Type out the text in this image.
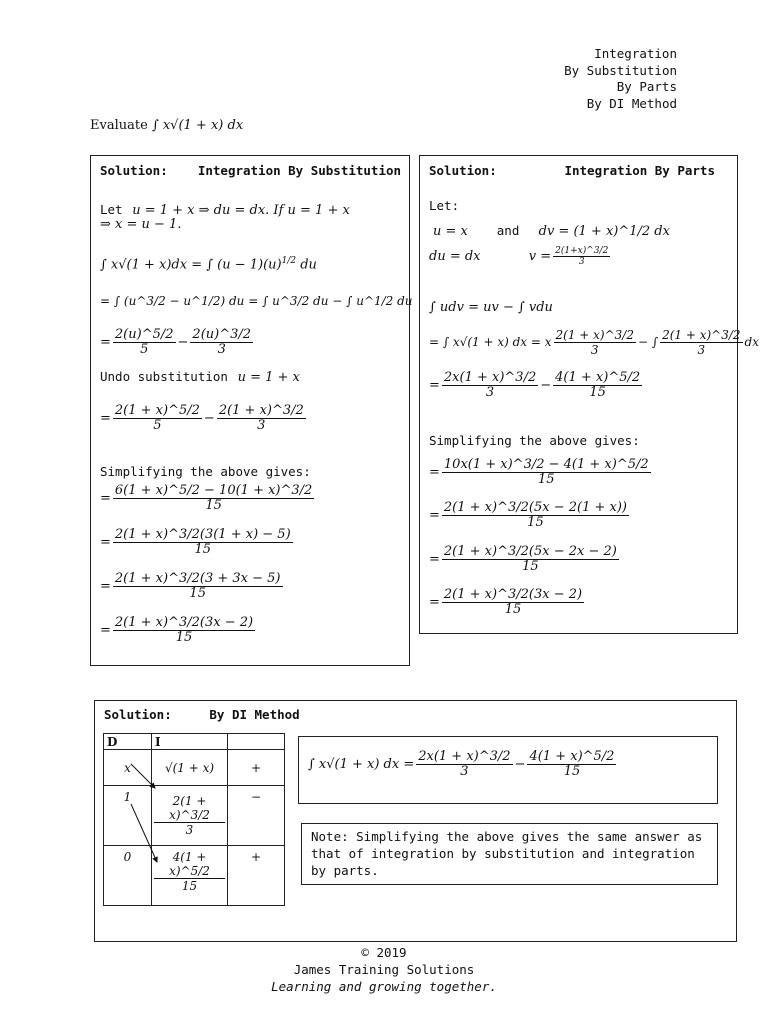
Integration
By Substitution
By Parts
By DI Method
Evaluate ∫ x√(1 + x) dx
Solution: Integration By Substitution
Let u = 1 + x ⇒ du = dx. If u = 1 + x
⇒ x = u − 1.
∫ x√(1 + x)dx = ∫ $(u - 1)(u)^{1/2}$ du
= ∫ (u^3/2 − u^1/2) du = ∫ u^3/2 du − ∫ u^1/2 du
= $\frac{2(u)\^{}5/2}{5} - \frac{2(u)\^{}3/2}{3}$
Undo substitution u = 1 + x
= $\frac{2(1 + x)\^{}5/2}{5} - \frac{2(1 + x)\^{}3/2}{3}$
Simplifying the above gives:
= $\frac{6(1 + x)\^{}5/2 - 10(1 + x)\^{}3/2}{15}$
= $\frac{2(1 + x)\^{}3/2(3(1 + x) - 5)}{15}$
= $\frac{2(1 + x)\^{}3/2(3 + 3x - 5)}{15}$
= $\frac{2(1 + x)\^{}3/2(3x - 2)}{15}$
Solution:	Integration By Parts
Let:
u = x and dv = (1 + x)^1/2 dx
du = dx	$v = \frac{2(1+x)\^{}3/2}{3}$
∫ udv = uv − ∫ vdu
= ∫ x√(1 + x) dx = x $\frac{2(1 + x)\^{}3/2}{3}$ − ∫ $\frac{2(1 + x)\^{}3/2}{3}$ dx
= $\frac{2x(1 + x)\^{}3/2}{3} - \frac{4(1 + x)\^{}5/2}{15}$
Simplifying the above gives:
= $\frac{10x(1 + x)\^{}3/2 - 4(1 + x)\^{}5/2}{15}$
= $\frac{2(1 + x)\^{}3/2(5x - 2(1 + x))}{15}$
= $\frac{2(1 + x)\^{}3/2(5x - 2x - 2)}{15}$
= $\frac{2(1 + x)\^{}3/2(3x - 2)}{15}$
Solution:	By DI Method
D	I	
x	√(1 + x)	+
1	$\frac{2(1 + x)\^{}3/2}{3}$	−
0	$\frac{4(1 + x)\^{}5/2}{15}$	+
∫ x√(1 + x) dx = $\frac{2x(1 + x)\^{}3/2}{3} - \frac{4(1 + x)\^{}5/2}{15}$
Note: Simplifying the above gives the same answer as that of integration by substitution and integration by parts.
© 2019
James Training Solutions
Learning and growing together.
